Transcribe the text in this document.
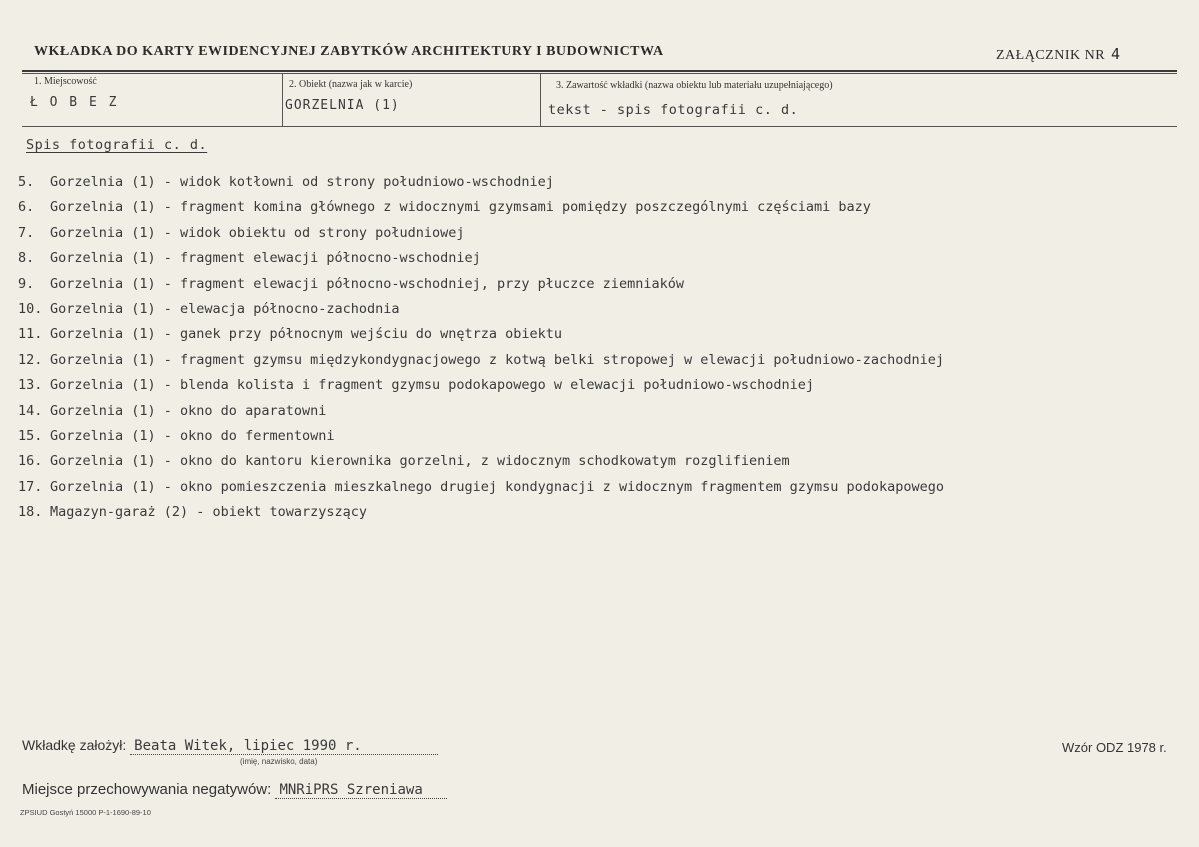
WKŁADKA DO KARTY EWIDENCYJNEJ ZABYTKÓW ARCHITEKTURY I BUDOWNICTWA	ZAŁĄCZNIK NR 4
1. Miejscowość
Ł O B E Z
2. Obiekt (nazwa jak w karcie)
GORZELNIA (1)
3. Zawartość wkładki (nazwa obiektu lub materiału uzupełniającego)
tekst - spis fotografii c. d.
Spis fotografii c. d.
5.	Gorzelnia (1) - widok kotłowni od strony południowo-wschodniej
6.	Gorzelnia (1) - fragment komina głównego z widocznymi gzymsami pomiędzy poszczególnymi częściami bazy
7.	Gorzelnia (1) - widok obiektu od strony południowej
8.	Gorzelnia (1) - fragment elewacji północno-wschodniej
9.	Gorzelnia (1) - fragment elewacji północno-wschodniej, przy płuczce ziemniaków
10. Gorzelnia (1) - elewacja północno-zachodnia
11. Gorzelnia (1) - ganek przy północnym wejściu do wnętrza obiektu
12. Gorzelnia (1) - fragment gzymsu międzykondygnacjowego z kotwą belki stropowej w elewacji południowo-zachodniej
13. Gorzelnia (1) - blenda kolista i fragment gzymsu podokapowego w elewacji południowo-wschodniej
14. Gorzelnia (1) - okno do aparatowni
15. Gorzelnia (1) - okno do fermentowni
16. Gorzelnia (1) - okno do kantoru kierownika gorzelni, z widocznym schodkowatym rozglifieniem
17. Gorzelnia (1) - okno pomieszczenia mieszkalnego drugiej kondygnacji z widocznym fragmentem gzymsu podokapowego
18. Magazyn-garaż (2) - obiekt towarzyszący
Wkładkę założył: Beata Witek, lipiec 1990 r.
(imię, nazwisko, data)
Wzór ODZ 1978 r.
Miejsce przechowywania negatywów: MNRiPRS Szreniawa
ZPSIUD Gostyń 15000 P-1-1690-89-10
